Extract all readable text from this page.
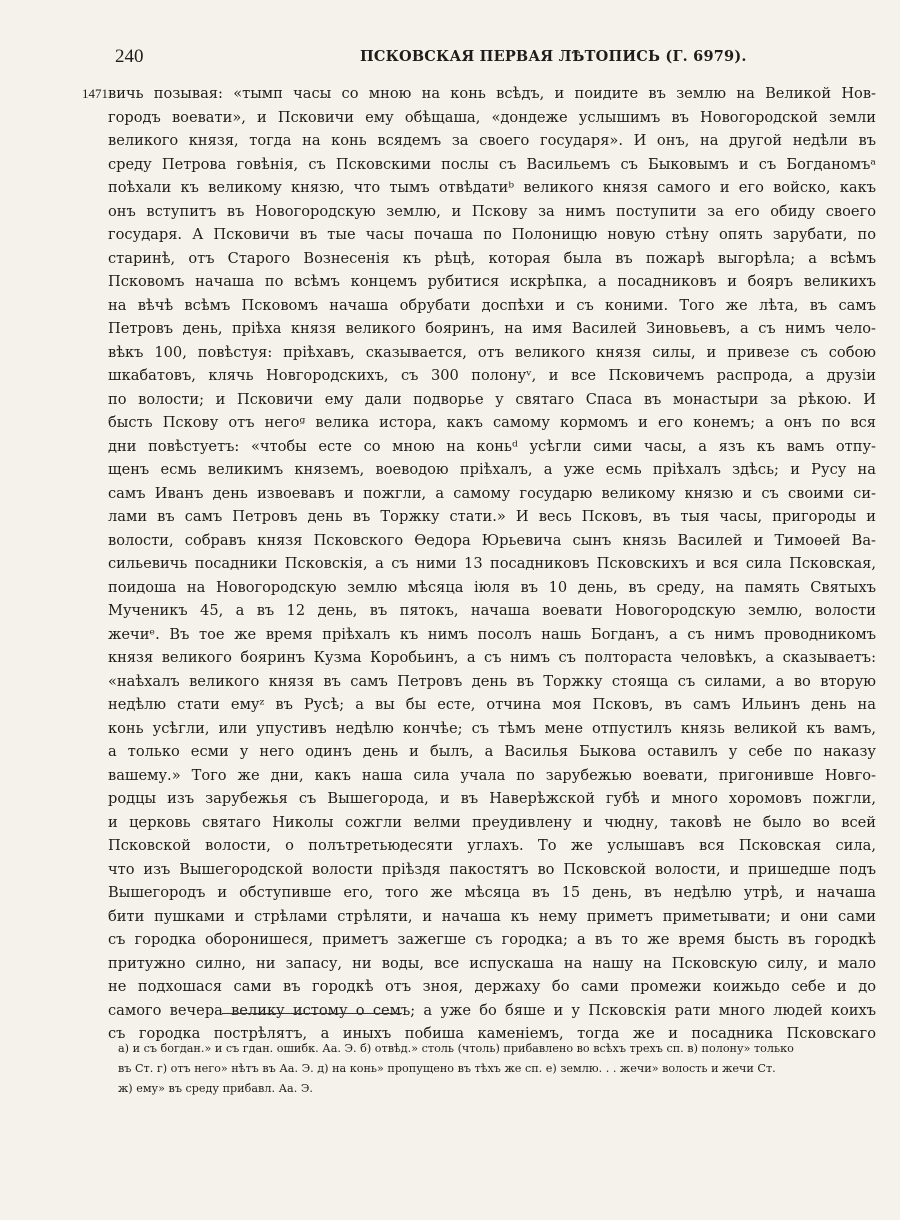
240	ПСКОВСКАЯ ПЕРВАЯ ЛѢТОПИСЬ (Г. 6979).
1471 вичь позывая: «тымп часы со мною на конь всѣдъ, и поидите въ землю на Великой Нов-
городъ воевати», и Псковичи ему обѣщаша, «дондеже услышимъ въ Новогородской земли
великого князя, тогда на конь всядемъ за своего государя». И онъ, на другой недѣли въ
среду Петрова говѣнія, съ Псковскими послы съ Васильемъ съ Быковымъ и съ Богданомъᵃ
поѣхали къ великому князю, что тымъ отвѣдатиᵇ великого князя самого и его войско, какъ
онъ вступитъ въ Новогородскую землю, и Пскову за нимъ поступити за его обиду своего
государя. А Псковичи въ тые часы почаша по Полонищю новую стѣну опять зарубати, по
старинѣ, отъ Старого Вознесенія къ рѣцѣ, которая была въ пожарѣ выгорѣла; а всѣмъ
Псковомъ начаша по всѣмъ концемъ рубитися искрѣпка, а посадниковъ и бояръ великихъ
на вѣчѣ всѣмъ Псковомъ начаша обрубати доспѣхи и съ коними. Того же лѣта, въ самъ
Петровъ день, пріѣха князя великого бояринъ, на имя Василей Зиновьевъ, а съ нимъ чело-
вѣкъ 100, повѣстуя: пріѣхавъ, сказывается, отъ великого князя силы, и привезе съ собою
шкабатовъ, клячь Новгородскихъ, съ 300 полонуᵛ, и все Псковичемъ распрода, а друзіи
по волости; и Псковичи ему дали подворье у святаго Спаса въ монастыри за рѣкою. И
бысть Пскову отъ негоᵍ велика истора, какъ самому кормомъ и его конемъ; а онъ по вся
дни повѣстуетъ: «чтобы есте со мною на коньᵈ усѣгли сими часы, а язъ къ вамъ отпу-
щенъ есмь великимъ княземъ, воеводою пріѣхалъ, а уже есмь пріѣхалъ здѣсь; и Русу на
самъ Иванъ день извоевавъ и пожгли, а самому государю великому князю и съ своими си-
лами въ самъ Петровъ день въ Торжку стати.» И весь Псковъ, въ тыя часы, пригороды и
волости, собравъ князя Псковского Ѳедора Юрьевича сынъ князь Василей и Тимоѳей Ва-
сильевичь посадники Псковскія, а съ ними 13 посадниковъ Псковскихъ и вся сила Псковская,
поидоша на Новогородскую землю мѣсяца іюля въ 10 день, въ среду, на память Святыхъ
Мученикъ 45, а въ 12 день, въ пятокъ, начаша воевати Новогородскую землю, волости
жечиᵉ. Въ тое же время пріѣхалъ къ нимъ посолъ нашь Богданъ, а съ нимъ проводникомъ
князя великого бояринъ Кузма Коробьинъ, а съ нимъ съ полтораста человѣкъ, а сказываетъ:
«наѣхалъ великого князя въ самъ Петровъ день въ Торжку стояща съ силами, а во вторую
недѣлю стати емуᶻ въ Русѣ; а вы бы есте, отчина моя Псковъ, въ самъ Ильинъ день на
конь усѣгли, или упустивъ недѣлю кончѣе; съ тѣмъ мене отпустилъ князь великой къ вамъ,
а только есми у него одинъ день и былъ, а Василья Быкова оставилъ у себе по наказу
вашему.» Того же дни, какъ наша сила учала по зарубежью воевати, пригонивше Новго-
родцы изъ зарубежья съ Вышегорода, и въ Наверѣжской губѣ и много хоромовъ пожгли,
и церковь святаго Николы сожгли велми преудивлену и чюдну, таковѣ не было во всей
Псковской волости, о полътретьюдесяти углахъ. То же услышавъ вся Псковская сила,
что изъ Вышегородской волости пріѣздя пакостятъ во Псковской волости, и пришедше подъ
Вышегородъ и обступивше его, того же мѣсяца въ 15 день, въ недѣлю утрѣ, и начаша
бити пушками и стрѣлами стрѣляти, и начаша къ нему приметъ приметывати; и они сами
съ городка оборонишеся, приметъ зажегше съ городка; а въ то же время бысть въ городкѣ
притужно силно, ни запасу, ни воды, все испускаша на нашу на Псковскую силу, и мало
не подхошася сами въ городкѣ отъ зноя, держаху бо сами промежи коижьдо себе и до
самого вечера велику истому о семъ; а уже бо бяше и у Псковскія рати много людей коихъ
съ городка пострѣлятъ, а иныхъ побиша каменіемъ, тогда же и посадника Псковскаго
а) и съ богдан.» и съ гдан. ошибк. Аа. Э. б) отвѣд.» столь (чтоль) прибавлено во всѣхъ трехъ сп. в) полону» только
въ Ст. г) отъ него» нѣтъ въ Аа. Э. д) на конь» пропущено въ тѣхъ же сп. е) землю. . . жечи» волость и жечи Ст.
ж) ему» въ среду прибавл. Аа. Э.
